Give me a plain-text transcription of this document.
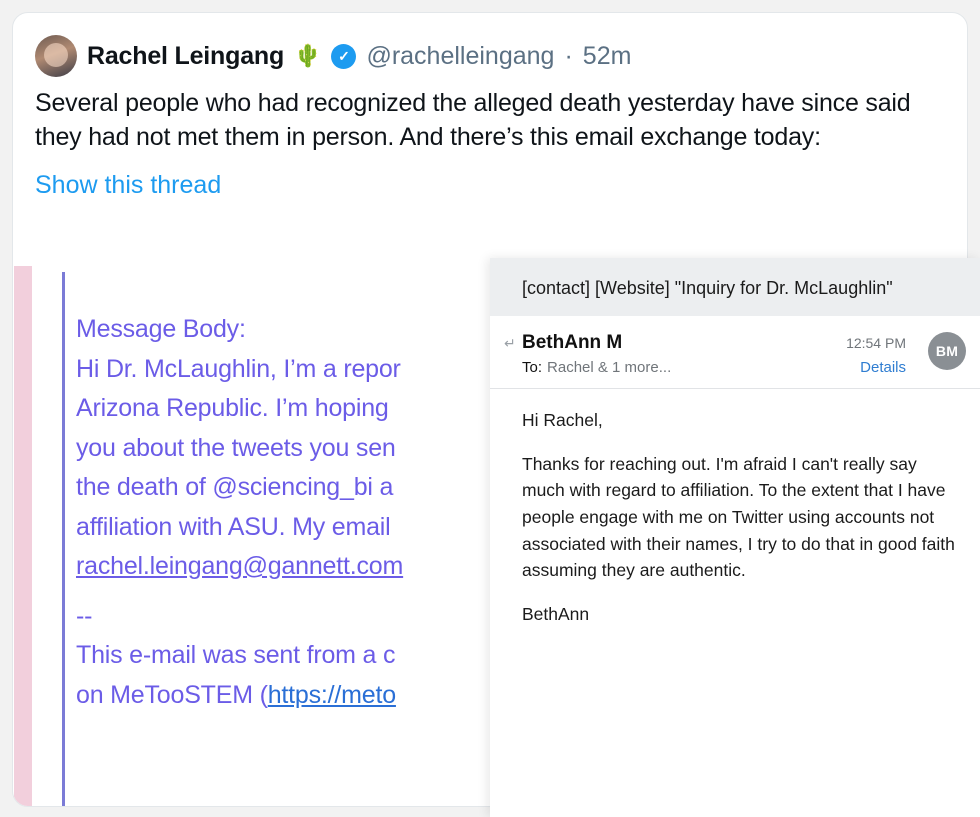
Rachel Leingang 🌵	✓ @rachelleingang · 52m
Several people who had recognized the alleged death yesterday have since said they had not met them in person. And there’s this email exchange today:
Show this thread
Message Body:
Hi Dr. McLaughlin, I’m a repor
Arizona Republic. I’m hoping
you about the tweets you sen
the death of @sciencing_bi a
affiliation with ASU. My email
rachel.leingang@gannett.com
--
This e-mail was sent from a c
on MeTooSTEM (https://meto
[contact] [Website] "Inquiry for Dr. McLaughlin"
↵ BethAnn M	12:54 PM
To: Rachel & 1 more...	Details
BM

Hi Rachel,

Thanks for reaching out. I'm afraid I can't really say much with regard to affiliation. To the extent that I have people engage with me on Twitter using accounts not associated with their names, I try to do that in good faith assuming they are authentic.

BethAnn
